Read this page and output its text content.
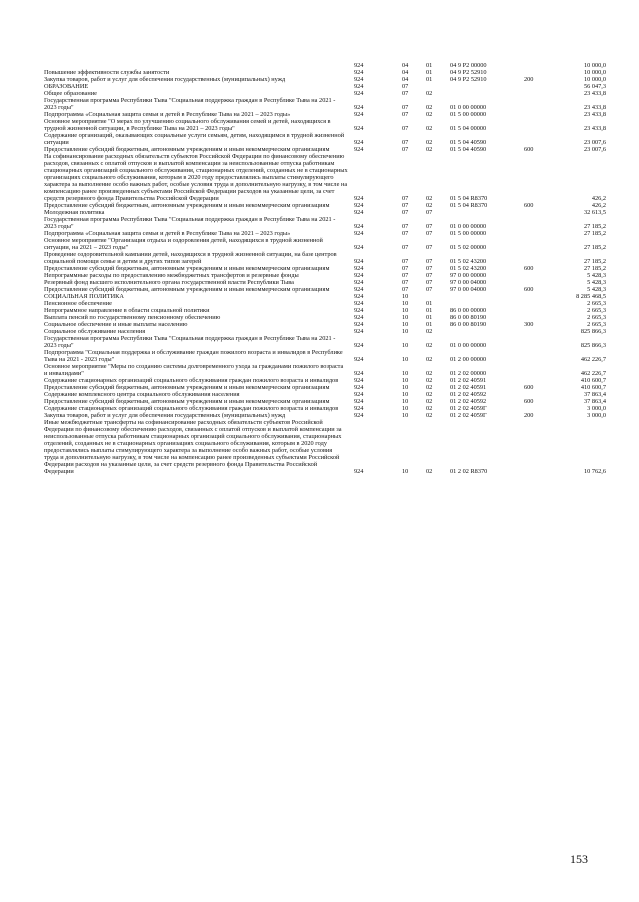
	924	04	01	04 9 Р2 00000		10 000,0
Повышение эффективности службы занятости	924	04	01	04 9 Р2 52910		10 000,0
Закупка товаров, работ и услуг для обеспечения государственных (муниципальных) нужд	924	04	01	04 9 Р2 52910	200	10 000,0
ОБРАЗОВАНИЕ	924	07				56 047,3
Общее образование	924	07	02			23 433,8
Государственная программа Республики Тыва "Социальная поддержка граждан в Республике Тыва на 2021 - 2023 годы"	924	07	02	01 0 00 00000		23 433,8
Подпрограмма «Социальная защита семьи и детей в Республике Тыва на 2021 – 2023 годы»	924	07	02	01 5 00 00000		23 433,8
Основное мероприятие "О мерах по улучшению социального обслуживания семей и детей, находящихся в трудной жизненной ситуации, в Республике Тыва на 2021 – 2023 годы"	924	07	02	01 5 04 00000		23 433,8
Содержание организаций, оказывающих социальные услуги семьям, детям, находящимся в трудной жизненной ситуации	924	07	02	01 5 04 40590		23 007,6
Предоставление субсидий бюджетным, автономным учреждениям и иным некоммерческим организациям	924	07	02	01 5 04 40590	600	23 007,6
На софинансирование расходных обязательств субъектов Российской Федерации по финансовому обеспечению расходов, связанных с оплатой отпусков и выплатой компенсации за неиспользованные отпуска работникам стационарных организаций социального обслуживания, стационарных отделений, созданных не в стационарных организациях социального обслуживания, которым в 2020 году предоставлялись выплаты стимулирующего характера за выполнение особо важных работ, особые условия труда и дополнительную нагрузку, в том числе на компенсацию ранее произведенных субъектами Российской Федерации расходов на указанные цели, за счет средств резервного фонда Правительства Российской Федерации	924	07	02	01 5 04 R8370		426,2
Предоставление субсидий бюджетным, автономным учреждениям и иным некоммерческим организациям	924	07	02	01 5 04 R8370	600	426,2
Молодежная политика	924	07	07			32 613,5
Государственная программа Республики Тыва "Социальная поддержка граждан в Республике Тыва на 2021 - 2023 годы"	924	07	07	01 0 00 00000		27 185,2
Подпрограмма «Социальная защита семьи и детей в Республике Тыва на 2021 – 2023 годы»	924	07	07	01 5 00 00000		27 185,2
Основное мероприятие "Организация отдыха и оздоровления детей, находящихся в трудной жизненной ситуации, на 2021 – 2023 годы"	924	07	07	01 5 02 00000		27 185,2
Проведение оздоровительной кампании детей, находящихся в трудной жизненной ситуации, на базе центров социальной помощи семье и детям и других типов загерей	924	07	07	01 5 02 43200		27 185,2
Предоставление субсидий бюджетным, автономным учреждениям и иным некоммерческим организациям	924	07	07	01 5 02 43200	600	27 185,2
Непрограммные расходы по предоставлению межбюджетных трансфертов и резервные фонды	924	07	07	97 0 00 00000		5 428,3
Резервный фонд высшего исполнительного органа государственной власти Республики Тыва	924	07	07	97 0 00 04000		5 428,3
Предоставление субсидий бюджетным, автономным учреждениям и иным некоммерческим организациям	924	07	07	97 0 00 04000	600	5 428,3
СОЦИАЛЬНАЯ ПОЛИТИКА	924	10				8 285 468,5
Пенсионное обеспечение	924	10	01			2 665,3
Непрограммное направление в области социальной политики	924	10	01	86 0 00 00000		2 665,3
Выплата пенсий по государственному пенсионному обеспечению	924	10	01	86 0 00 80190		2 665,3
Социальное обеспечение и иные выплаты населению	924	10	01	86 0 00 80190	300	2 665,3
Социальное обслуживание населения	924	10	02			825 866,3
Государственная программа Республики Тыва "Социальная поддержка граждан в Республике Тыва на 2021 - 2023 годы"	924	10	02	01 0 00 00000		825 866,3
Подпрограмма "Социальная поддержка и обслуживание граждан пожилого возраста и инвалидов в Республике Тыва на 2021 - 2023 годы"	924	10	02	01 2 00 00000		462 226,7
Основное мероприятие "Меры по созданию системы долговременного ухода за гражданами пожилого возраста и инвалидами"	924	10	02	01 2 02 00000		462 226,7
Содержание стационарных организаций социального обслуживания граждан пожилого возраста и инвалидов	924	10	02	01 2 02 40591		410 600,7
Предоставление субсидий бюджетным, автономным учреждениям и иным некоммерческим организациям	924	10	02	01 2 02 40591	600	410 600,7
Содержание комплексного центра социального обслуживания населения	924	10	02	01 2 02 40592		37 863,4
Предоставление субсидий бюджетным, автономным учреждениям и иным некоммерческим организациям	924	10	02	01 2 02 40592	600	37 863,4
Содержание стационарных организаций социального обслуживания граждан пожилого возраста и инвалидов	924	10	02	01 2 02 4059Г		3 000,0
Закупка товаров, работ и услуг для обеспечения государственных (муниципальных) нужд	924	10	02	01 2 02 4059Г	200	3 000,0
Иные межбюджетные трансферты на софинансирование расходных обязательств субъектов Российской Федерации по финансовому обеспечению расходов, связанных с оплатой отпусков и выплатой компенсации за неиспользованные отпуска работникам стационарных организаций социального обслуживания, стационарных отделений, созданных не в стационарных организациях социального обслуживания, которым в 2020 году предоставлялись выплаты стимулирующего характера за выполнение особо важных работ, особые условия труда и дополнительную нагрузку, в том числе на компенсацию ранее произведенных субъектами Российской Федерации расходов на указанные цели, за счет средств резервного фонда Правительства Российской Федерации	924	10	02	01 2 02 R8370		10 762,6
153
